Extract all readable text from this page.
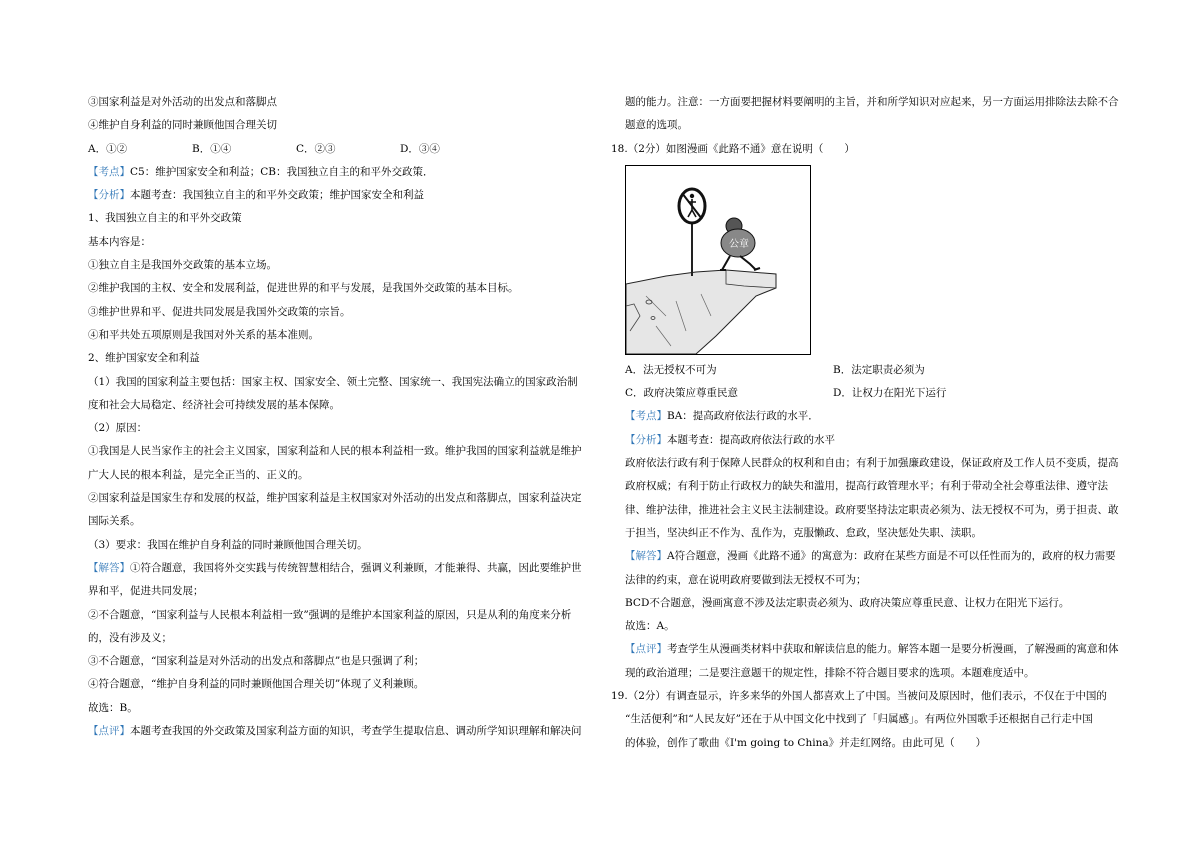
③国家利益是对外活动的出发点和落脚点

④维护自身利益的同时兼顾他国合理关切

A．①②	B．①④	C．②③	D．③④

【考点】C5：维护国家安全和利益；CB：我国独立自主的和平外交政策．

【分析】本题考查：我国独立自主的和平外交政策；维护国家安全和利益

1、我国独立自主的和平外交政策

基本内容是：

①独立自主是我国外交政策的基本立场。

②维护我国的主权、安全和发展利益，促进世界的和平与发展，是我国外交政策的基本目标。

③维护世界和平、促进共同发展是我国外交政策的宗旨。

④和平共处五项原则是我国对外关系的基本准则。

2、维护国家安全和利益

（1）我国的国家利益主要包括：国家主权、国家安全、领土完整、国家统一、我国宪法确立的国家政治制

度和社会大局稳定、经济社会可持续发展的基本保障。

（2）原因：

①我国是人民当家作主的社会主义国家，国家利益和人民的根本利益相一致。维护我国的国家利益就是维护

广大人民的根本利益，是完全正当的、正义的。

②国家利益是国家生存和发展的权益，维护国家利益是主权国家对外活动的出发点和落脚点，国家利益决定

国际关系。

（3）要求：我国在维护自身利益的同时兼顾他国合理关切。

【解答】①符合题意，我国将外交实践与传统智慧相结合，强调义利兼顾，才能兼得、共赢，因此要维护世

界和平，促进共同发展；

②不合题意，“国家利益与人民根本利益相一致”强调的是维护本国家利益的原因，只是从利的角度来分析

的，没有涉及义；

③不合题意，“国家利益是对外活动的出发点和落脚点”也是只强调了利；

④符合题意，“维护自身利益的同时兼顾他国合理关切”体现了义利兼顾。

故选：B。

【点评】本题考查我国的外交政策及国家利益方面的知识，考查学生提取信息、调动所学知识理解和解决问

题的能力。注意：一方面要把握材料要阐明的主旨，并和所学知识对应起来，另一方面运用排除法去除不合

题意的选项。

18.（2分）如图漫画《此路不通》意在说明（　　）

公章
A．法无授权不可为	B．法定职责必须为
C．政府决策应尊重民意	D．让权力在阳光下运行

【考点】BA：提高政府依法行政的水平．

【分析】本题考查：提高政府依法行政的水平

政府依法行政有利于保障人民群众的权利和自由；有利于加强廉政建设，保证政府及工作人员不变质，提高

政府权威；有利于防止行政权力的缺失和滥用，提高行政管理水平；有利于带动全社会尊重法律、遵守法

律、维护法律，推进社会主义民主法制建设。政府要坚持法定职责必须为、法无授权不可为，勇于担责、敢

于担当，坚决纠正不作为、乱作为，克服懒政、怠政，坚决惩处失职、渎职。

【解答】A符合题意，漫画《此路不通》的寓意为：政府在某些方面是不可以任性而为的，政府的权力需要

法律的约束，意在说明政府要做到法无授权不可为；

BCD不合题意，漫画寓意不涉及法定职责必须为、政府决策应尊重民意、让权力在阳光下运行。

故选：A。

【点评】考查学生从漫画类材料中获取和解读信息的能力。解答本题一是要分析漫画，了解漫画的寓意和体

现的政治道理；二是要注意题干的规定性，排除不符合题目要求的选项。本题难度适中。

19.（2分）有调查显示，许多来华的外国人都喜欢上了中国。当被问及原因时，他们表示，不仅在于中国的

“生活便利”和“人民友好”还在于从中国文化中找到了「归属感」。有两位外国歌手还根据自己行走中国

的体验，创作了歌曲《I'm going to China》并走红网络。由此可见（　　）
